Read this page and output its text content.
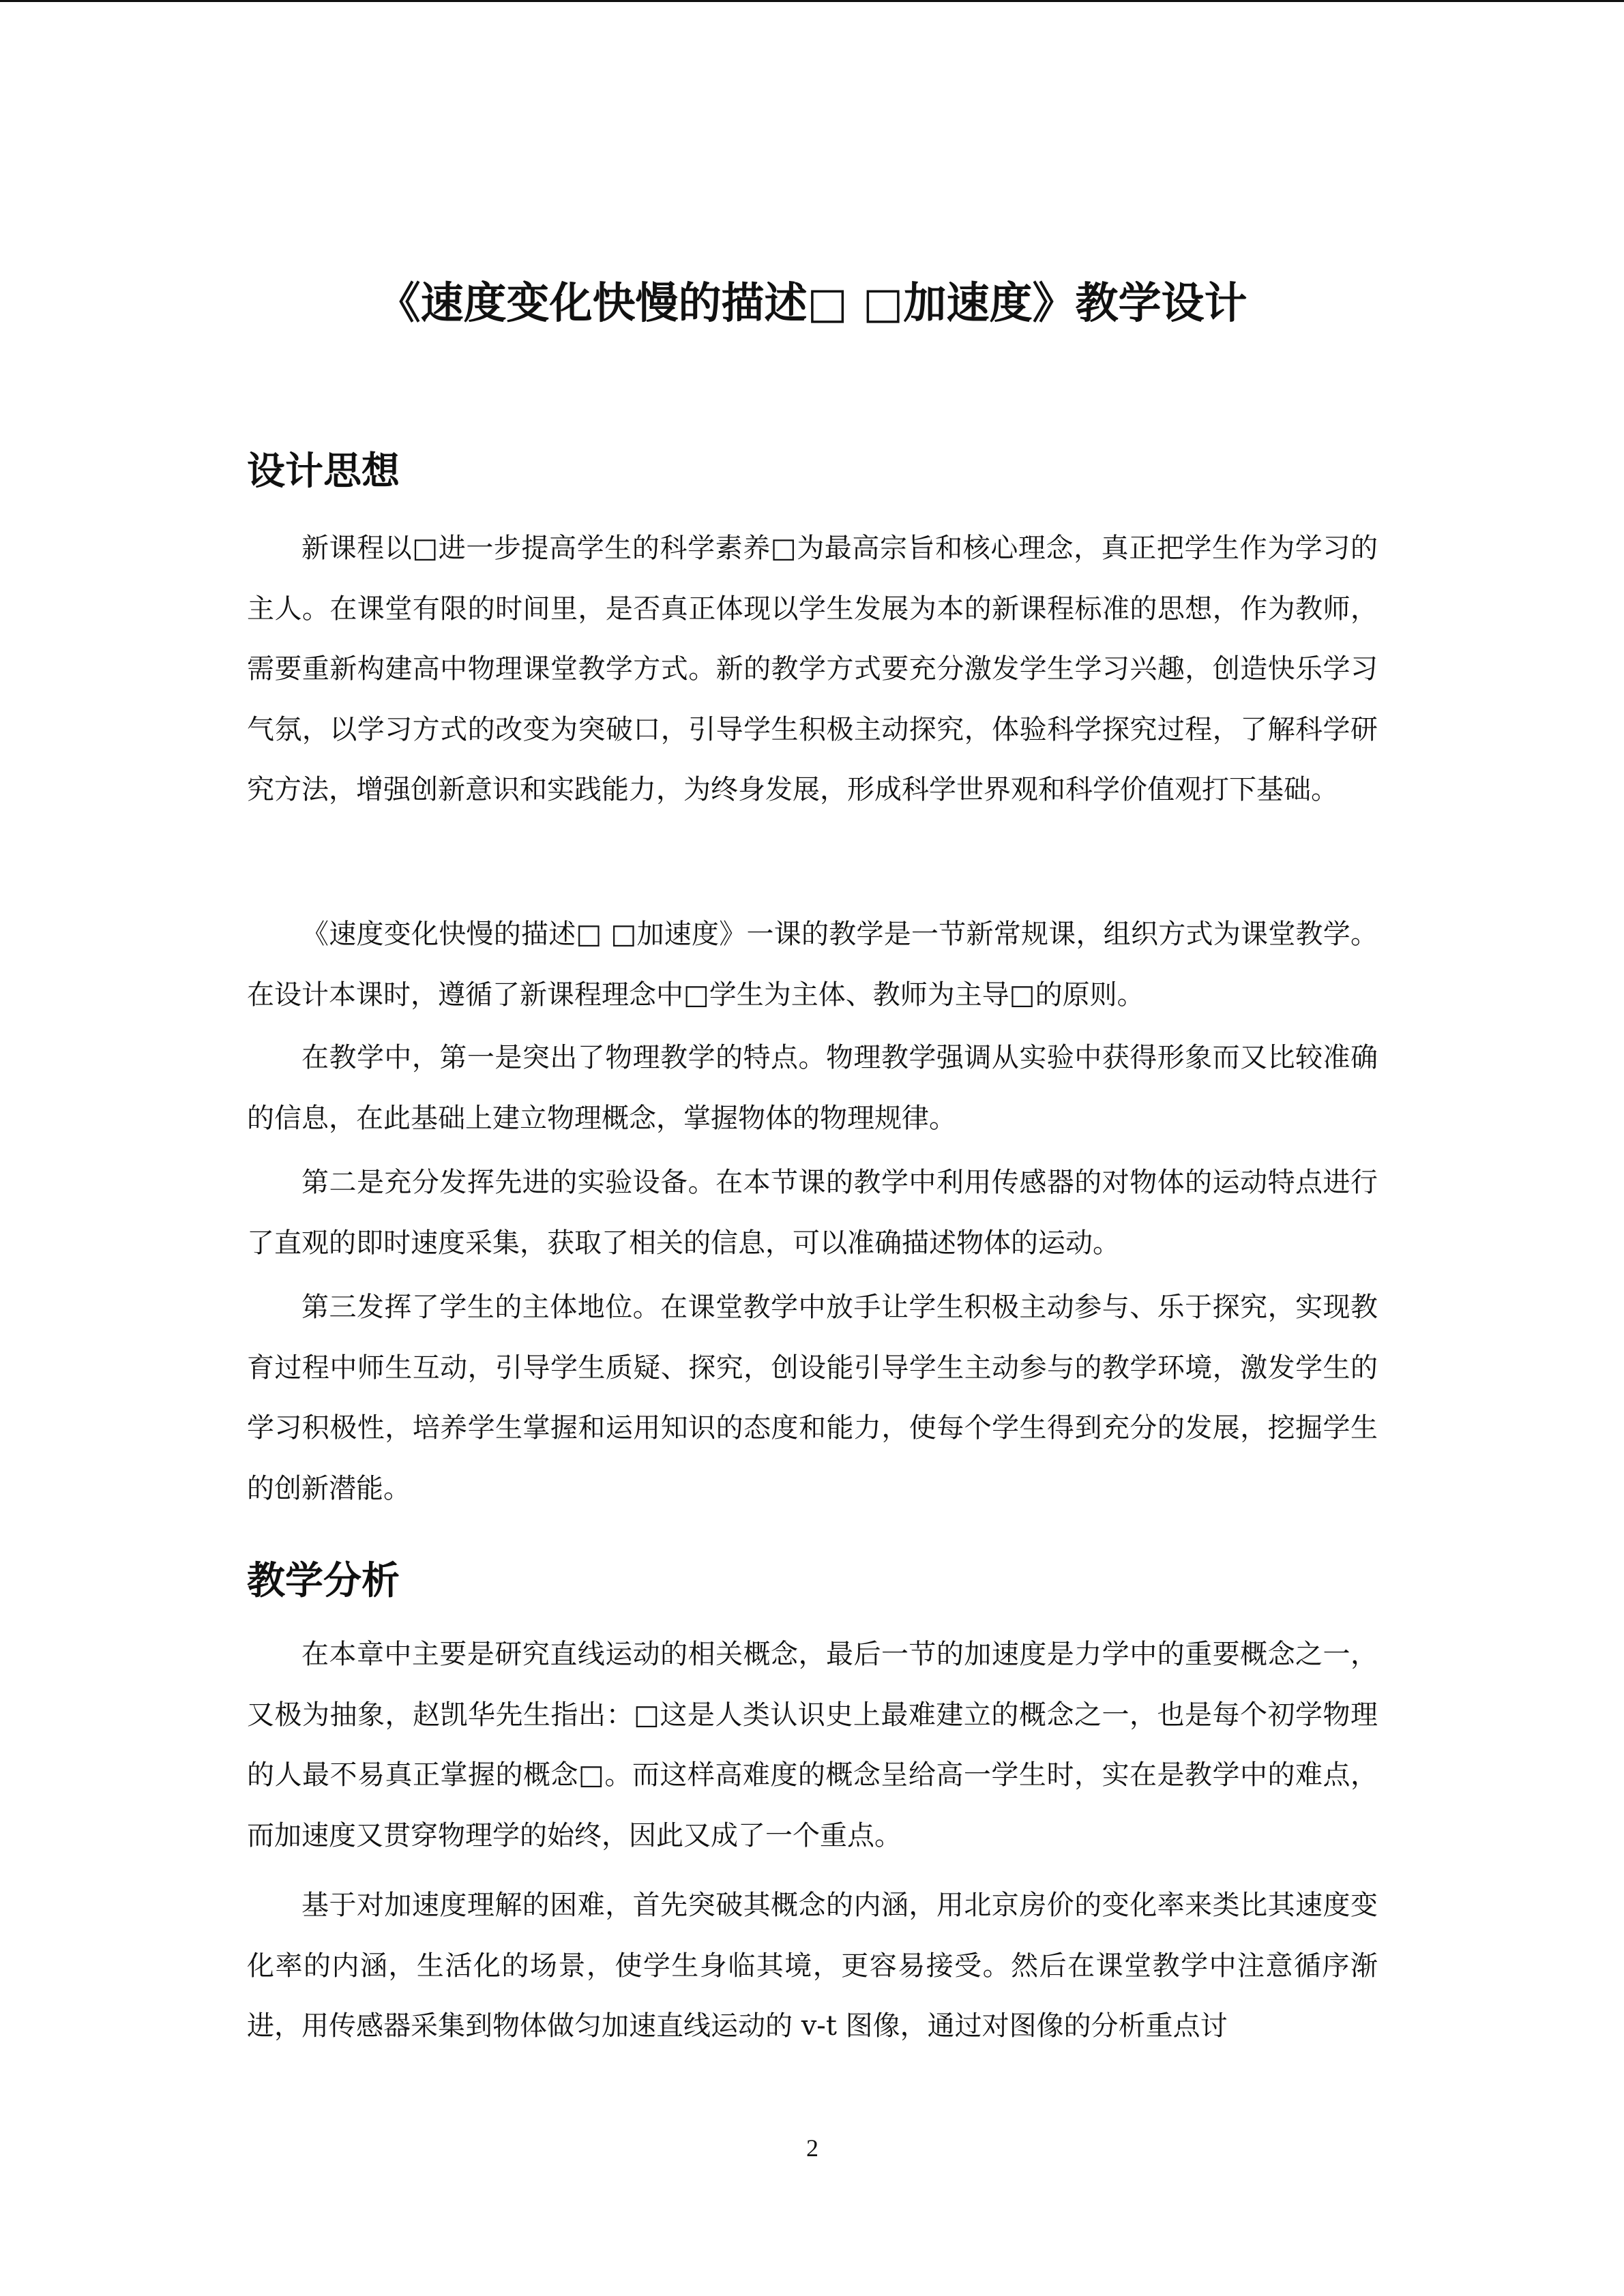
《速度变化快慢的描述□ □加速度》教学设计
设计思想

新课程以□进一步提高学生的科学素养□为最高宗旨和核心理念，真正把学生作为学习的主人。在课堂有限的时间里，是否真正体现以学生发展为本的新课程标准的思想，作为教师，需要重新构建高中物理课堂教学方式。新的教学方式要充分激发学生学习兴趣，创造快乐学习气氛，以学习方式的改变为突破口，引导学生积极主动探究，体验科学探究过程，了解科学研究方法，增强创新意识和实践能力，为终身发展，形成科学世界观和科学价值观打下基础。

《速度变化快慢的描述□ □加速度》一课的教学是一节新常规课，组织方式为课堂教学。在设计本课时，遵循了新课程理念中□学生为主体、教师为主导□的原则。

在教学中，第一是突出了物理教学的特点。物理教学强调从实验中获得形象而又比较准确的信息，在此基础上建立物理概念，掌握物体的物理规律。

第二是充分发挥先进的实验设备。在本节课的教学中利用传感器的对物体的运动特点进行了直观的即时速度采集，获取了相关的信息，可以准确描述物体的运动。

第三发挥了学生的主体地位。在课堂教学中放手让学生积极主动参与、乐于探究，实现教育过程中师生互动，引导学生质疑、探究，创设能引导学生主动参与的教学环境，激发学生的学习积极性，培养学生掌握和运用知识的态度和能力，使每个学生得到充分的发展，挖掘学生的创新潜能。

教学分析

在本章中主要是研究直线运动的相关概念，最后一节的加速度是力学中的重要概念之一，又极为抽象，赵凯华先生指出：□这是人类认识史上最难建立的概念之一，也是每个初学物理的人最不易真正掌握的概念□。而这样高难度的概念呈给高一学生时，实在是教学中的难点，而加速度又贯穿物理学的始终，因此又成了一个重点。

基于对加速度理解的困难，首先突破其概念的内涵，用北京房价的变化率来类比其速度变化率的内涵，生活化的场景，使学生身临其境，更容易接受。然后在课堂教学中注意循序渐进，用传感器采集到物体做匀加速直线运动的 v-t 图像，通过对图像的分析重点讨

2
